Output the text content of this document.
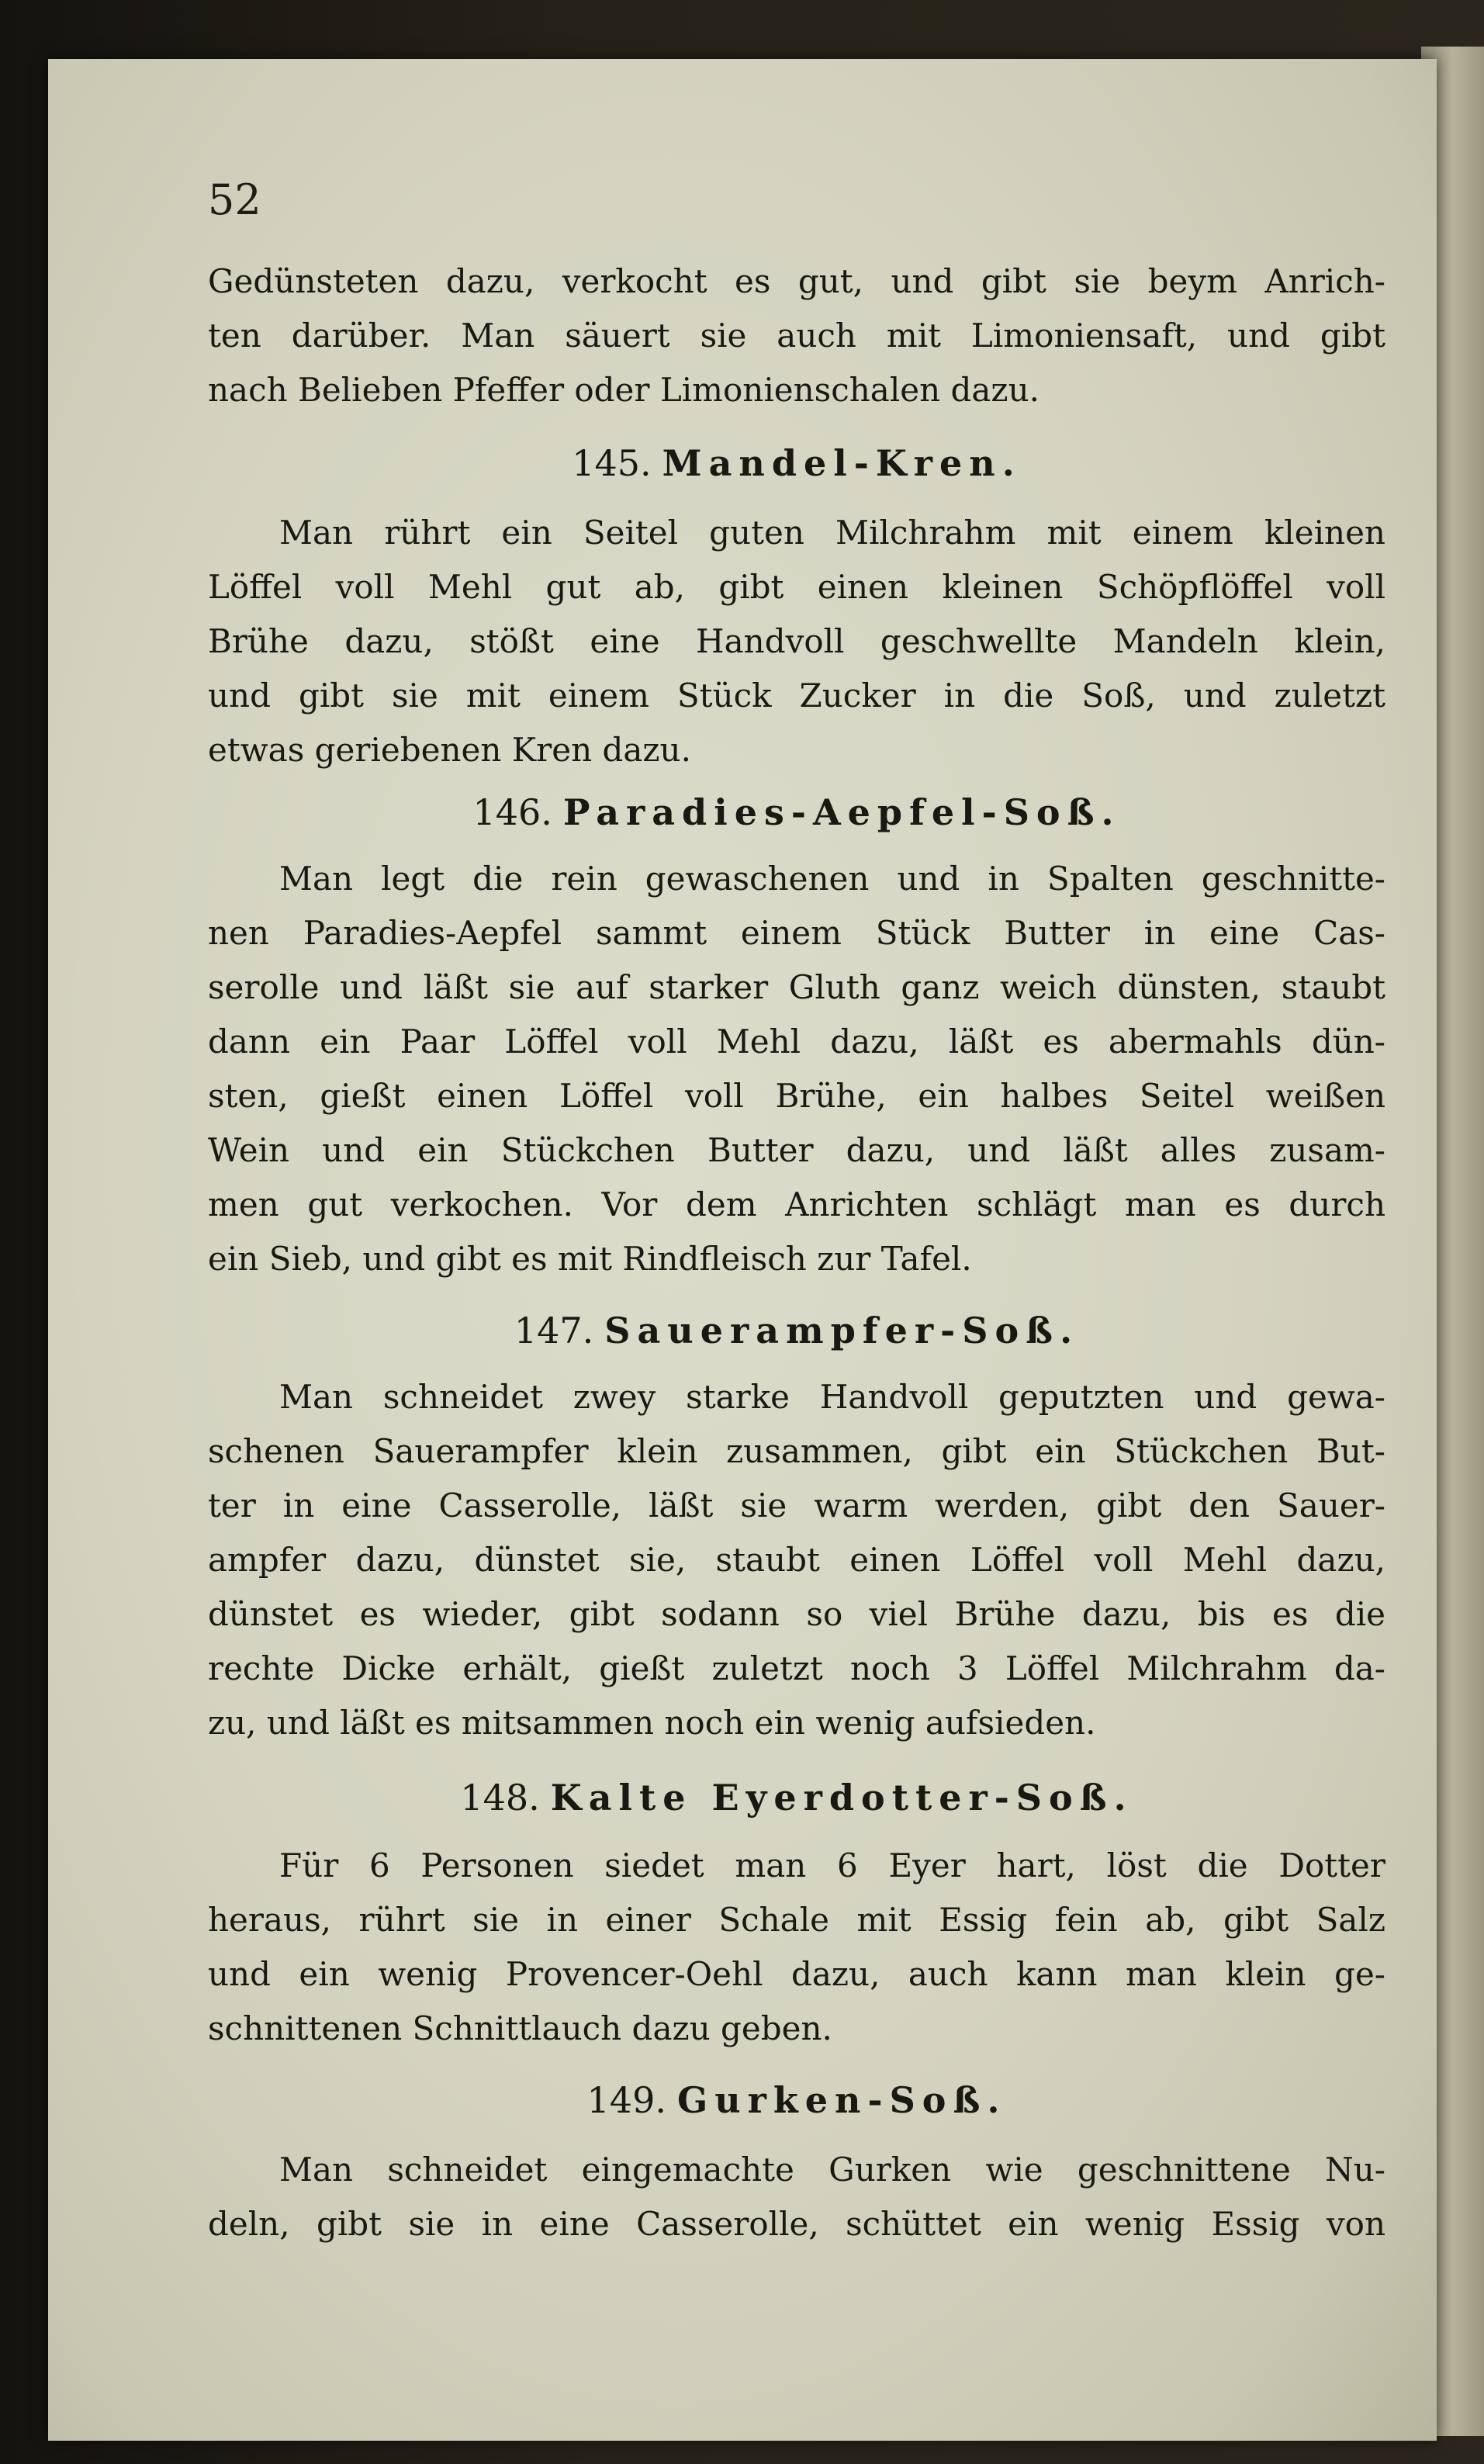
52
Gedünsteten dazu, verkocht es gut, und gibt sie beym Anrich-
ten darüber. Man säuert sie auch mit Limoniensaft, und gibt
nach Belieben Pfeffer oder Limonienschalen dazu.
145. Mandel-Kren.
Man rührt ein Seitel guten Milchrahm mit einem kleinen
Löffel voll Mehl gut ab, gibt einen kleinen Schöpflöffel voll
Brühe dazu, stößt eine Handvoll geschwellte Mandeln klein,
und gibt sie mit einem Stück Zucker in die Soß, und zuletzt
etwas geriebenen Kren dazu.
146. Paradies-Aepfel-Soß.
Man legt die rein gewaschenen und in Spalten geschnitte-
nen Paradies-Aepfel sammt einem Stück Butter in eine Cas-
serolle und läßt sie auf starker Gluth ganz weich dünsten, staubt
dann ein Paar Löffel voll Mehl dazu, läßt es abermahls dün-
sten, gießt einen Löffel voll Brühe, ein halbes Seitel weißen
Wein und ein Stückchen Butter dazu, und läßt alles zusam-
men gut verkochen. Vor dem Anrichten schlägt man es durch
ein Sieb, und gibt es mit Rindfleisch zur Tafel.
147. Sauerampfer-Soß.
Man schneidet zwey starke Handvoll geputzten und gewa-
schenen Sauerampfer klein zusammen, gibt ein Stückchen But-
ter in eine Casserolle, läßt sie warm werden, gibt den Sauer-
ampfer dazu, dünstet sie, staubt einen Löffel voll Mehl dazu,
dünstet es wieder, gibt sodann so viel Brühe dazu, bis es die
rechte Dicke erhält, gießt zuletzt noch 3 Löffel Milchrahm da-
zu, und läßt es mitsammen noch ein wenig aufsieden.
148. Kalte Eyerdotter-Soß.
Für 6 Personen siedet man 6 Eyer hart, löst die Dotter
heraus, rührt sie in einer Schale mit Essig fein ab, gibt Salz
und ein wenig Provencer-Oehl dazu, auch kann man klein ge-
schnittenen Schnittlauch dazu geben.
149. Gurken-Soß.
Man schneidet eingemachte Gurken wie geschnittene Nu-
deln, gibt sie in eine Casserolle, schüttet ein wenig Essig von
